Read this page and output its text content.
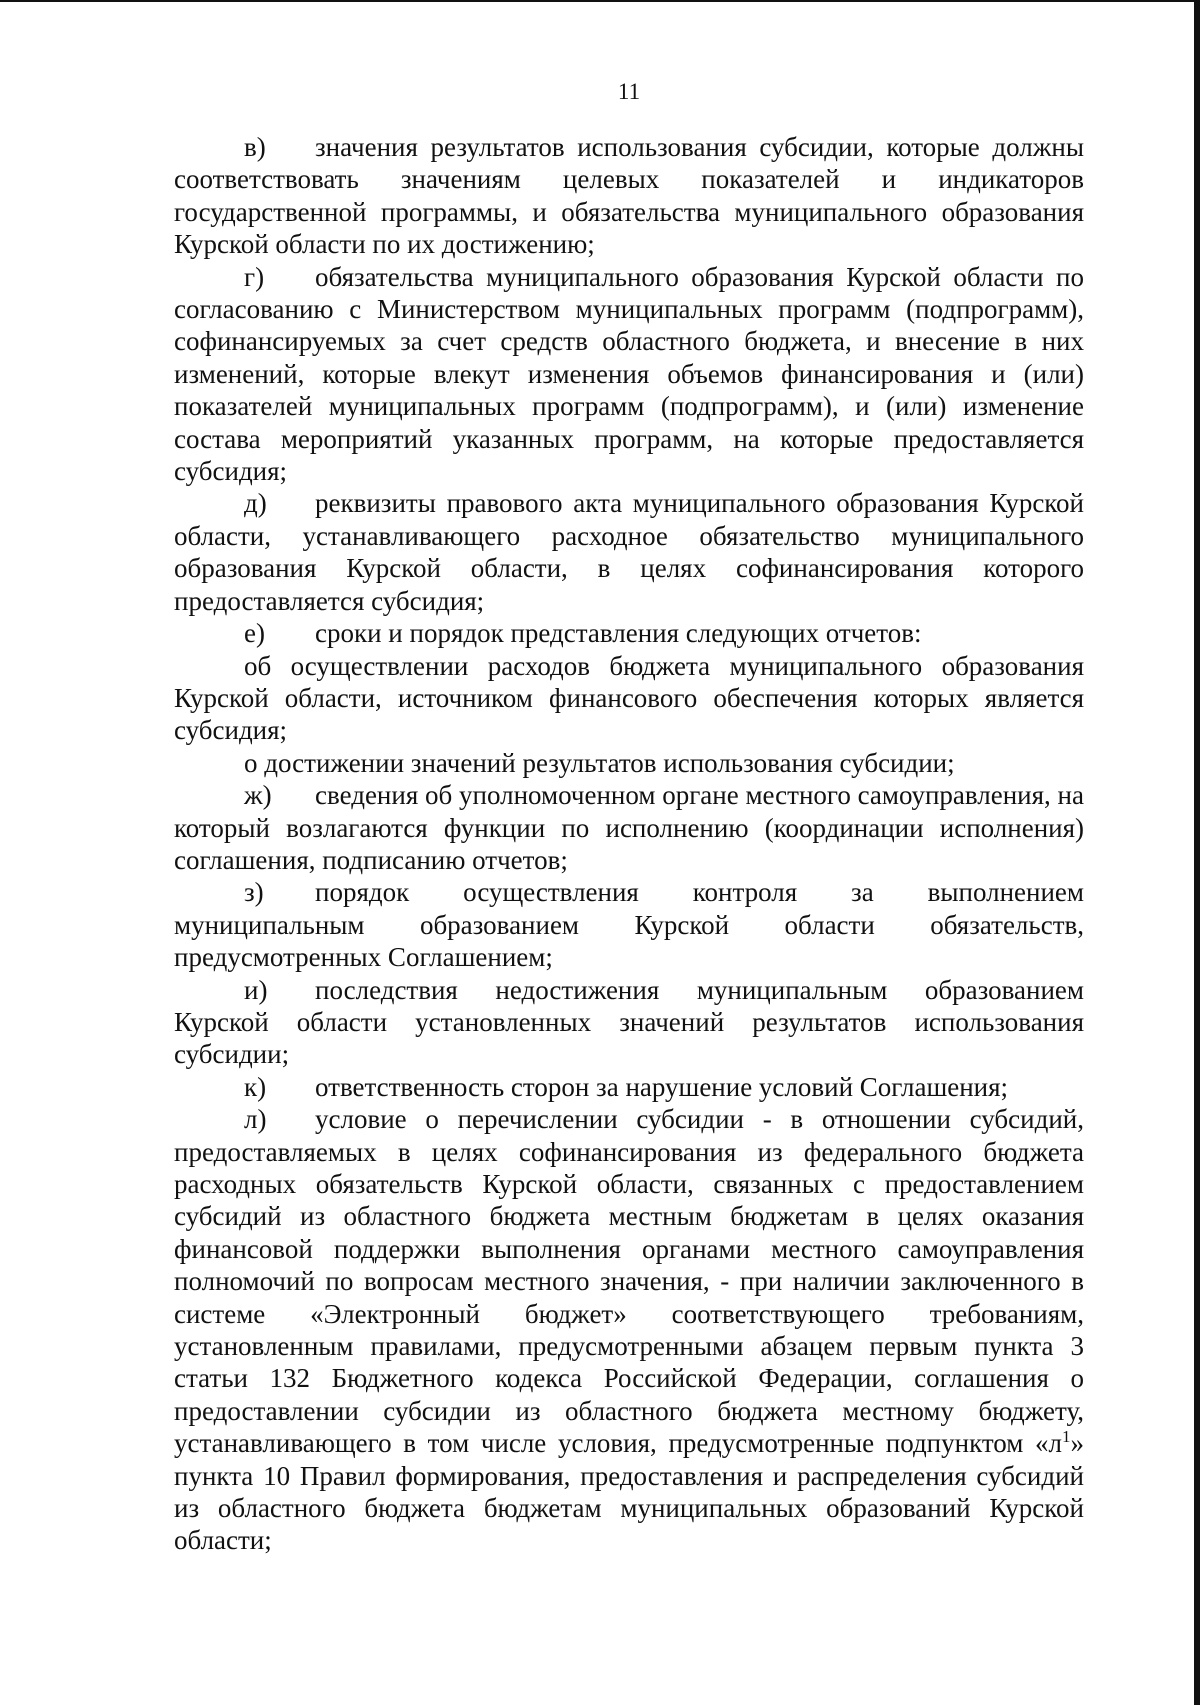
11

в) значения результатов использования субсидии, которые должны соответствовать значениям целевых показателей и индикаторов государственной программы, и обязательства муниципального образования Курской области по их достижению;

г) обязательства муниципального образования Курской области по согласованию с Министерством муниципальных программ (подпрограмм), софинансируемых за счет средств областного бюджета, и внесение в них изменений, которые влекут изменения объемов финансирования и (или) показателей муниципальных программ (подпрограмм), и (или) изменение состава мероприятий указанных программ, на которые предоставляется субсидия;

д) реквизиты правового акта муниципального образования Курской области, устанавливающего расходное обязательство муниципального образования Курской области, в целях софинансирования которого предоставляется субсидия;

е) сроки и порядок представления следующих отчетов:

об осуществлении расходов бюджета муниципального образования Курской области, источником финансового обеспечения которых является субсидия;

о достижении значений результатов использования субсидии;

ж) сведения об уполномоченном органе местного самоуправления, на который возлагаются функции по исполнению (координации исполнения) соглашения, подписанию отчетов;

з) порядок осуществления контроля за выполнением муниципальным образованием Курской области обязательств, предусмотренных Соглашением;

и) последствия недостижения муниципальным образованием Курской области установленных значений результатов использования субсидии;

к) ответственность сторон за нарушение условий Соглашения;

л) условие о перечислении субсидии - в отношении субсидий, предоставляемых в целях софинансирования из федерального бюджета расходных обязательств Курской области, связанных с предоставлением субсидий из областного бюджета местным бюджетам в целях оказания финансовой поддержки выполнения органами местного самоуправления полномочий по вопросам местного значения, - при наличии заключенного в системе «Электронный бюджет» соответствующего требованиям, установленным правилами, предусмотренными абзацем первым пункта 3 статьи 132 Бюджетного кодекса Российской Федерации, соглашения о предоставлении субсидии из областного бюджета местному бюджету, устанавливающего в том числе условия, предусмотренные подпунктом «$л^1$» пункта 10 Правил формирования, предоставления и распределения субсидий из областного бюджета бюджетам муниципальных образований Курской области;
